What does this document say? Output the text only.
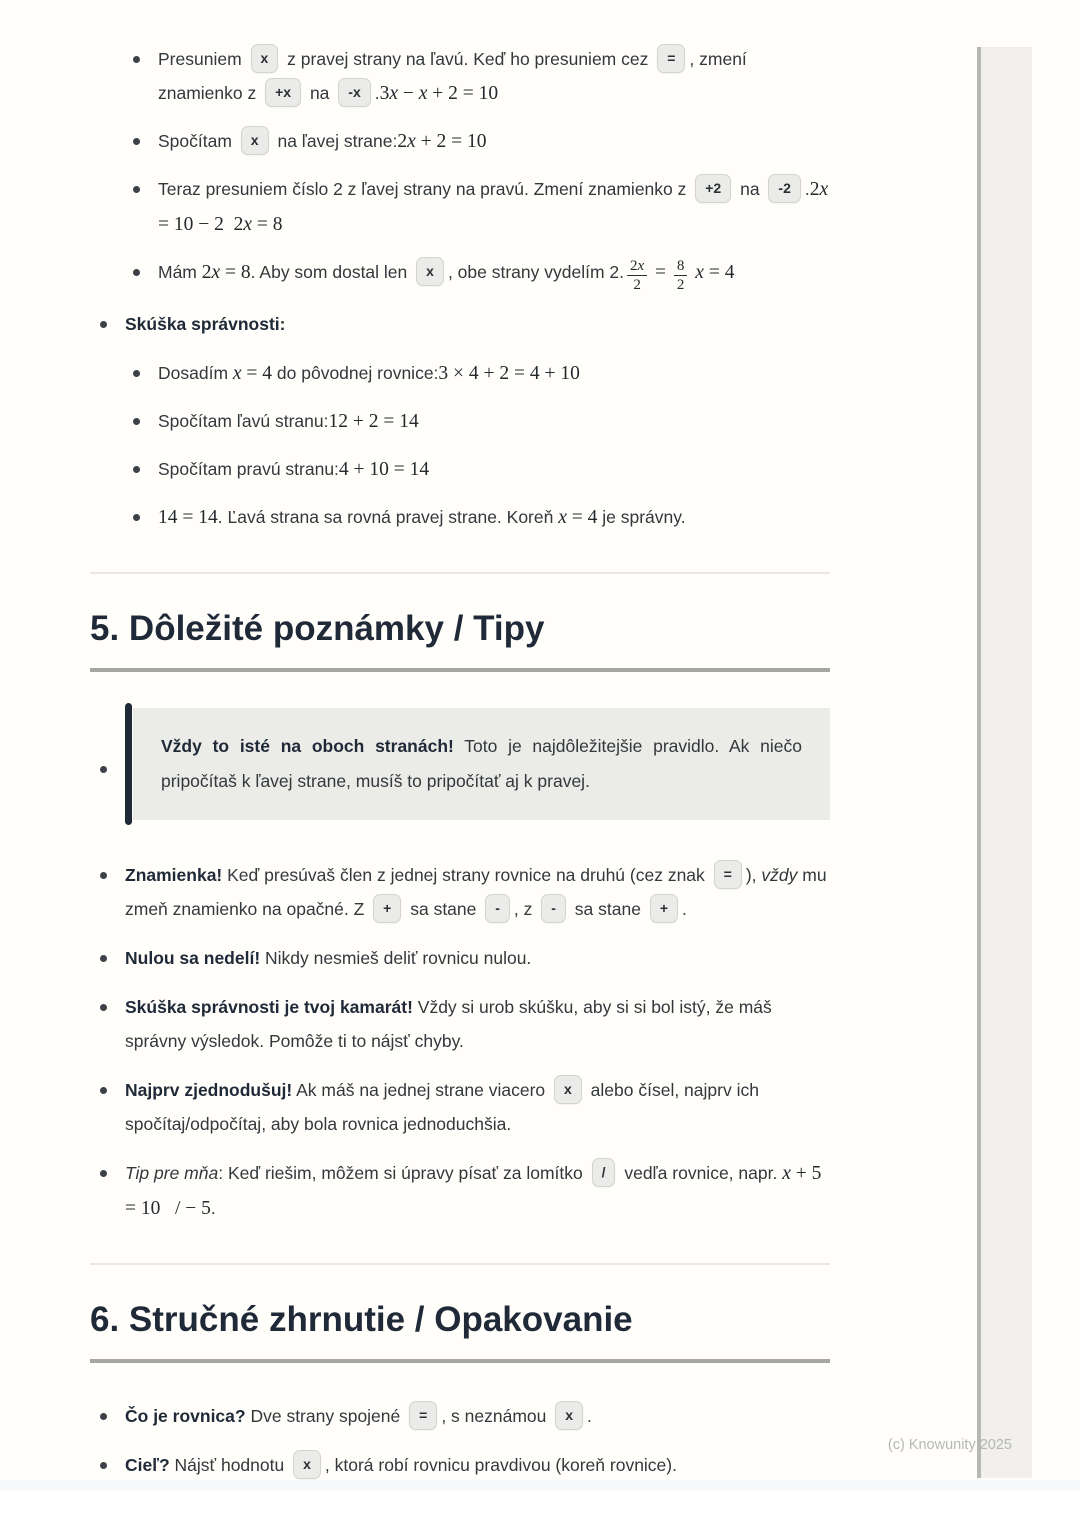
Presuniem x z pravej strany na ľavú. Keď ho presuniem cez = , zmení znamienko z +x na -x .3x − x + 2 = 10
Spočítam x na ľavej strane:2x + 2 = 10
Teraz presuniem číslo 2 z ľavej strany na pravú. Zmení znamienko z +2 na -2 .2x = 10 − 2 2x = 8
Mám 2x = 8. Aby som dostal len x , obe strany vydelím 2. $\frac{2x}{2} = \frac{8}{2}$ x = 4
Skúška správnosti:
Dosadím x = 4 do pôvodnej rovnice:3 × 4 + 2 = 4 + 10
Spočítam ľavú stranu:12 + 2 = 14
Spočítam pravú stranu:4 + 10 = 14
14 = 14. Ľavá strana sa rovná pravej strane. Koreň x = 4 je správny.
5. Dôležité poznámky / Tipy
Vždy to isté na oboch stranách! Toto je najdôležitejšie pravidlo. Ak niečo pripočítaš k ľavej strane, musíš to pripočítať aj k pravej.
Znamienka! Keď presúvaš člen z jednej strany rovnice na druhú (cez znak = ), vždy mu zmeň znamienko na opačné. Z + sa stane - , z - sa stane + .
Nulou sa nedelí! Nikdy nesmieš deliť rovnicu nulou.
Skúška správnosti je tvoj kamarát! Vždy si urob skúšku, aby si si bol istý, že máš správny výsledok. Pomôže ti to nájsť chyby.
Najprv zjednodušuj! Ak máš na jednej strane viacero x alebo čísel, najprv ich spočítaj/odpočítaj, aby bola rovnica jednoduchšia.
Tip pre mňa: Keď riešim, môžem si úpravy písať za lomítko / vedľa rovnice, napr. x + 5 = 10 / − 5.
6. Stručné zhrnutie / Opakovanie
Čo je rovnica? Dve strany spojené = , s neznámou x .
Cieľ? Nájsť hodnotu x , ktorá robí rovnicu pravdivou (koreň rovnice).
(c) Knowunity 2025
